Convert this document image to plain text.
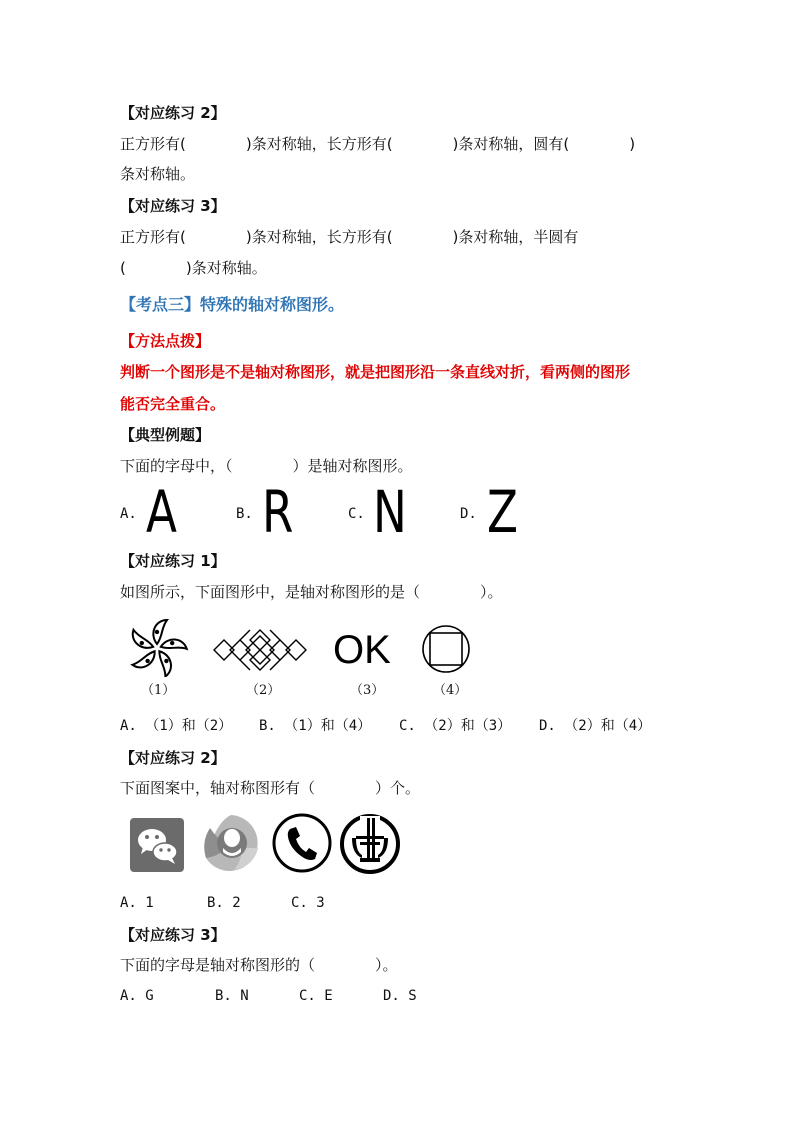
【对应练习 2】
正方形有(　　　　)条对称轴，长方形有(　　　　)条对称轴，圆有(　　　　)
条对称轴。
【对应练习 3】
正方形有(　　　　)条对称轴，长方形有(　　　　)条对称轴，半圆有
(　　　　)条对称轴。
【考点三】特殊的轴对称图形。
【方法点拨】
判断一个图形是不是轴对称图形，就是把图形沿一条直线对折，看两侧的图形
能否完全重合。
【典型例题】
下面的字母中，（　　　　）是轴对称图形。
A. A	B. R	C. N	D. Z
【对应练习 1】
如图所示，下面图形中，是轴对称图形的是（　　　　）。
OK
（1）	（2）	（3）	（4）
A. （1）和（2） B. （1）和（4） C. （2）和（3） D. （2）和（4）
【对应练习 2】
下面图案中，轴对称图形有（　　　　）个。
A. 1	B. 2	C. 3
【对应练习 3】
下面的字母是轴对称图形的（　　　　）。
A. G	B. N	C. E	D. S
